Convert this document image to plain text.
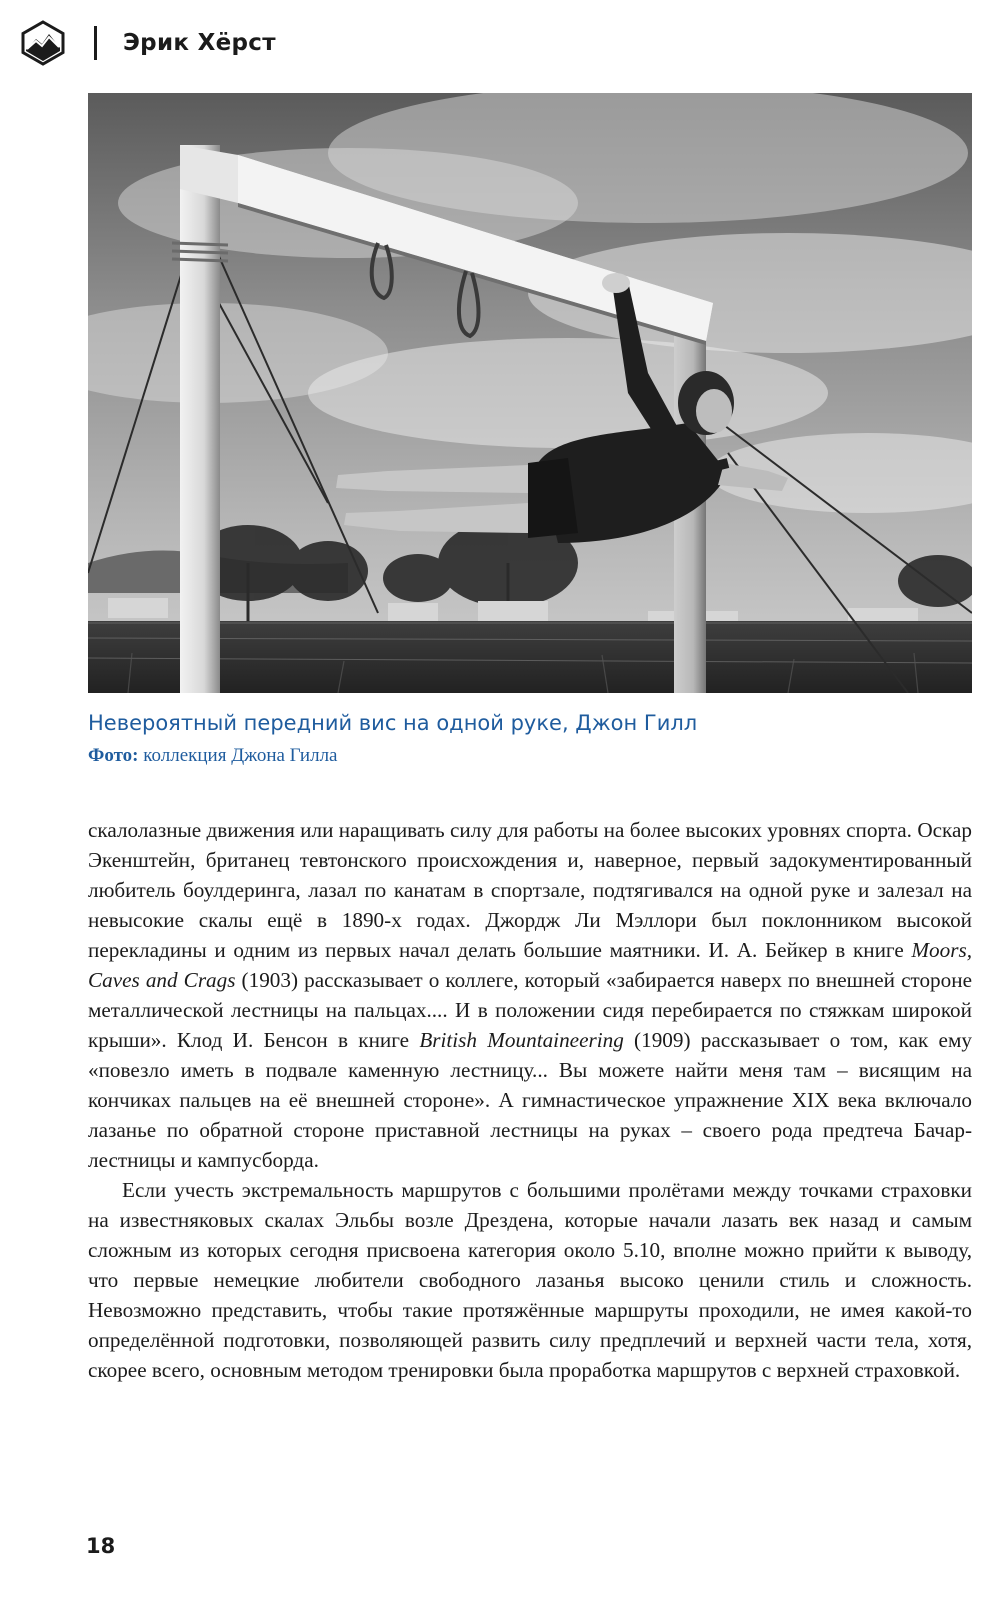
Эрик Хёрст
Невероятный передний вис на одной руке, Джон Гилл
Фото: коллекция Джона Гилла

скалолазные движения или наращивать силу для работы на более высоких уровнях спорта. Оскар Экенштейн, британец тевтонского происхождения и, наверное, первый задокументированный любитель боулдеринга, лазал по канатам в спортзале, подтягивался на одной руке и залезал на невысокие скалы ещё в 1890-х годах. Джордж Ли Мэллори был поклонником высокой перекладины и одним из первых начал делать большие маятники. И. А. Бейкер в книге Moors, Caves and Crags (1903) рассказывает о коллеге, который «забирается наверх по внешней стороне металлической лестницы на пальцах.... И в положении сидя перебирается по стяжкам широкой крыши». Клод И. Бенсон в книге British Mountaineering (1909) рассказывает о том, как ему «повезло иметь в подвале каменную лестницу... Вы можете найти меня там – висящим на кончиках пальцев на её внешней стороне». А гимнастическое упражнение XIX века включало лазанье по обратной стороне приставной лестницы на руках – своего рода предтеча Бачар-лестницы и кампусборда.

Если учесть экстремальность маршрутов с большими пролётами между точками страховки на известняковых скалах Эльбы возле Дрездена, которые начали лазать век назад и самым сложным из которых сегодня присвоена категория около 5.10, вполне можно прийти к выводу, что первые немецкие любители свободного лазанья высоко ценили стиль и сложность. Невозможно представить, чтобы такие протяжённые маршруты проходили, не имея какой-то определённой подготовки, позволяющей развить силу предплечий и верхней части тела, хотя, скорее всего, основным методом тренировки была проработка маршрутов с верхней страховкой.

18
